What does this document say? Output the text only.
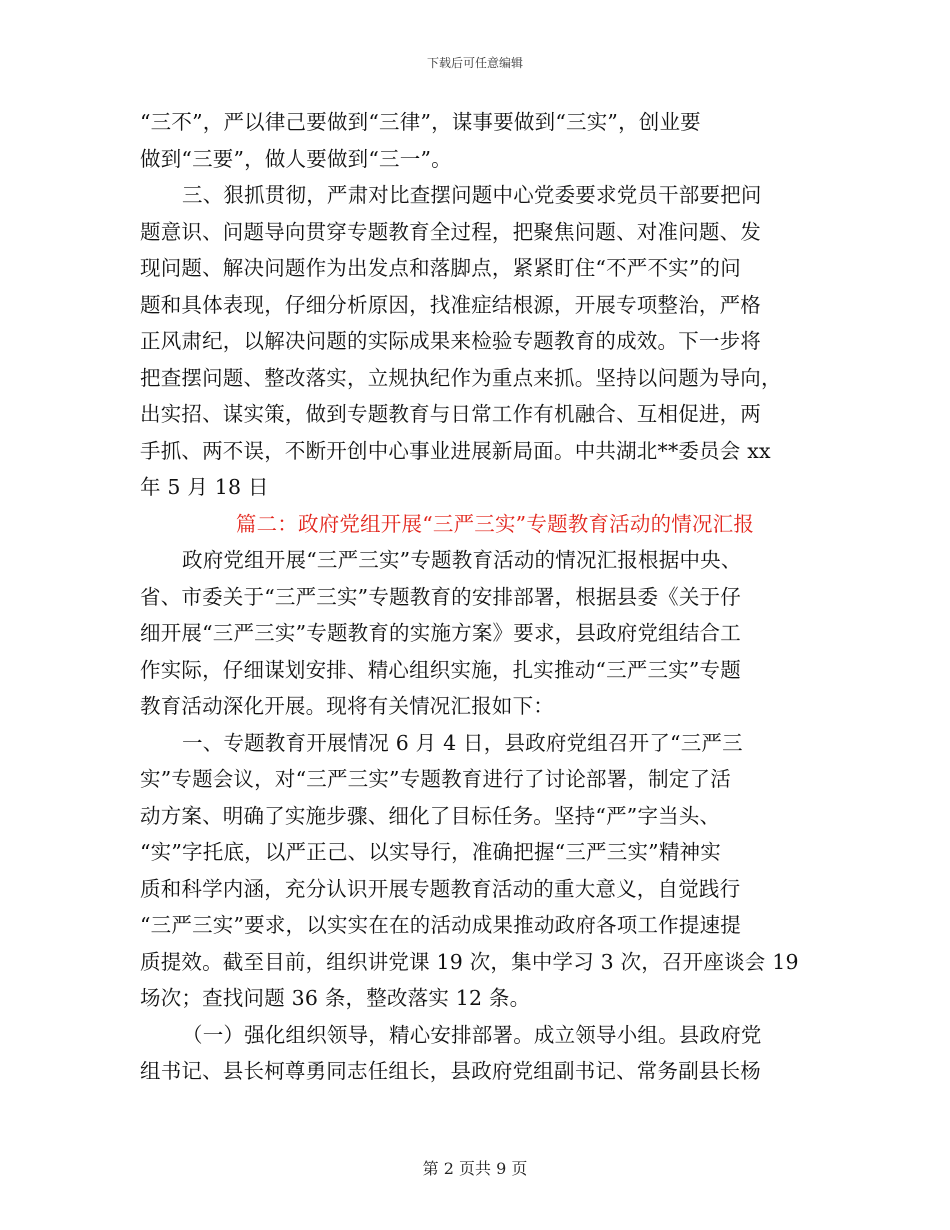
下载后可任意编辑
“三不”，严以律己要做到“三律”，谋事要做到“三实”，创业要
做到“三要”，做人要做到“三一”。
三、狠抓贯彻，严肃对比查摆问题中心党委要求党员干部要把问
题意识、问题导向贯穿专题教育全过程，把聚焦问题、对准问题、发
现问题、解决问题作为出发点和落脚点，紧紧盯住“不严不实”的问
题和具体表现，仔细分析原因，找准症结根源，开展专项整治，严格
正风肃纪，以解决问题的实际成果来检验专题教育的成效。下一步将
把查摆问题、整改落实，立规执纪作为重点来抓。坚持以问题为导向，
出实招、谋实策，做到专题教育与日常工作有机融合、互相促进，两
手抓、两不误，不断开创中心事业进展新局面。中共湖北**委员会 xx
年 5 月 18 日
篇二：政府党组开展“三严三实”专题教育活动的情况汇报
政府党组开展“三严三实”专题教育活动的情况汇报根据中央、
省、市委关于“三严三实”专题教育的安排部署，根据县委《关于仔
细开展“三严三实”专题教育的实施方案》要求，县政府党组结合工
作实际，仔细谋划安排、精心组织实施，扎实推动“三严三实”专题
教育活动深化开展。现将有关情况汇报如下：
一、专题教育开展情况 6 月 4 日，县政府党组召开了“三严三
实”专题会议，对“三严三实”专题教育进行了讨论部署，制定了活
动方案、明确了实施步骤、细化了目标任务。坚持“严”字当头、
“实”字托底，以严正己、以实导行，准确把握“三严三实”精神实
质和科学内涵，充分认识开展专题教育活动的重大意义，自觉践行
“三严三实”要求，以实实在在的活动成果推动政府各项工作提速提
质提效。截至目前，组织讲党课 19 次，集中学习 3 次，召开座谈会 19
场次；查找问题 36 条，整改落实 12 条。
（一）强化组织领导，精心安排部署。成立领导小组。县政府党
组书记、县长柯尊勇同志任组长，县政府党组副书记、常务副县长杨
第 2 页共 9 页
